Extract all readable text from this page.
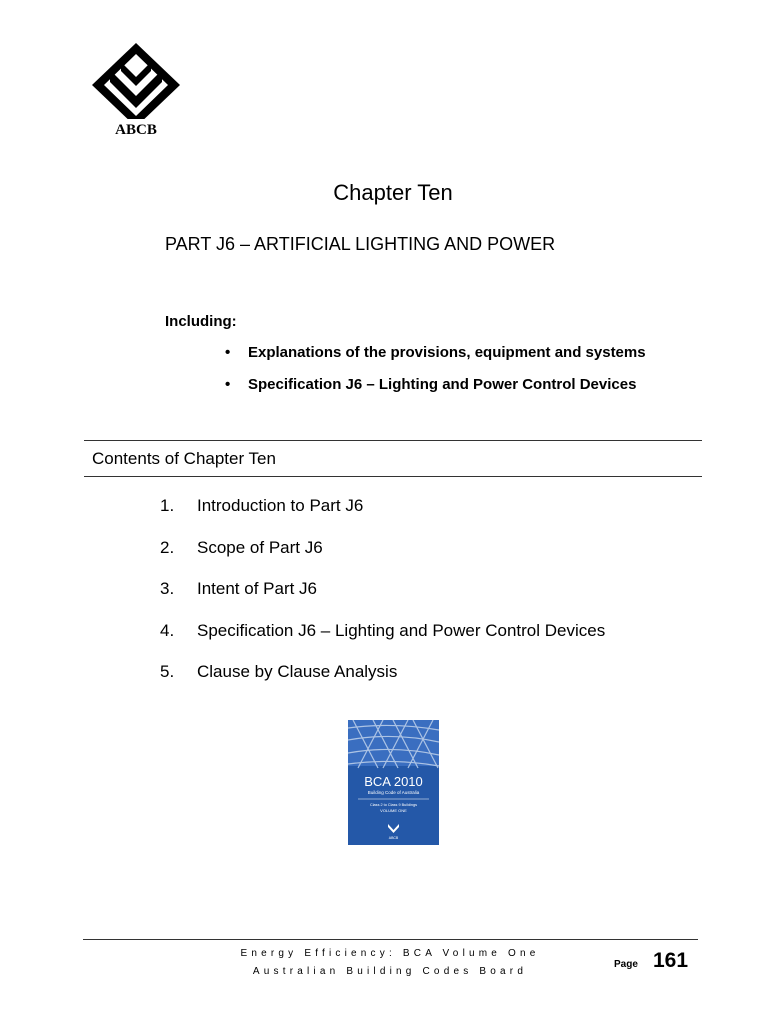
ABCB
Chapter Ten
PART J6 – ARTIFICIAL LIGHTING AND POWER
Including:
• Explanations of the provisions, equipment and systems
• Specification J6 – Lighting and Power Control Devices
Contents of Chapter Ten
1. Introduction to Part J6
2. Scope of Part J6
3. Intent of Part J6
4. Specification J6 – Lighting and Power Control Devices
5. Clause by Clause Analysis
BCA 2010
Building Code of Australia
Class 2 to Class 9 Buildings
VOLUME ONE
ABCB
Energy Efficiency: BCA Volume One
Australian Building Codes Board
Page 161
